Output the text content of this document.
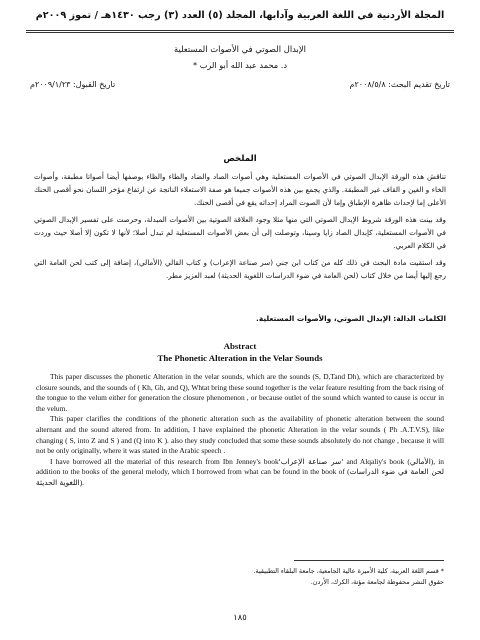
المجلة الأردنية في اللغة العربية وآدابها، المجلد (٥) العدد (٣) رجب ١٤٣٠هـ / تموز ٢٠٠٩م
الإبدال الصوتي في الأصوات المستعلية
د. محمد عبد الله أبو الرب *
تاريخ تقديم البحث: ٢٠٠٨/٥/٨م
تاريخ القبول: ٢٠٠٩/١/٢٣م
الملخص

تناقش هذه الورقة الإبدال الصوتي في الأصوات المستعلية وهي أصوات الصاد والضاد والطاء والظاء بوصفها أيضا أصواتا مطبقة، وأصوات الخاء و الغين و القاف غير المطبقة. والذي يجمع بين هذه الأصوات جميعا هو صفة الاستعلاء الناتجة عن ارتفاع مؤخر اللسان نحو أقصى الحنك الأعلى إما لإحداث ظاهرة الإطباق وإما لأن الصوت المراد إحداثه يقع في أقصى الحنك.

وقد بينت هذه الورقة شروط الإبدال الصوتي التي منها مثلا وجود العلاقة الصوتية بين الأصوات المبدلة، وحرصت على تفسير الإبدال الصوتي في الأصوات المستعلية، كإبدال الصاد زايا وسينا، وتوصلت إلى أن بعض الأصوات المستعلية لم تبدل أصلا؛ لأنها لا تكون إلا أصلا حيث وردت في الكلام العربي.

وقد استقيت مادة البحث في ذلك كله من كتاب ابن جني (سر صناعة الإعراب) و كتاب القالي (الأمالي)، إضافة إلى كتب لحن العامة التي رجع إليها أيضا من خلال كتاب (لحن العامة في ضوء الدراسات اللغوية الحديثة) لعبد العزيز مطر.

الكلمات الدالة: الإبدال الصوتي، والأصوات المستعلية.
Abstract
The Phonetic Alteration in the Velar Sounds

This paper discusses the phonetic Alteration in the velar sounds, which are the sounds (S, D,Tand Dh), which are characterized by closure sounds, and the sounds of ( Kh, Gh, and Q), Whtat bring these sound together is the velar feature resulting from the back rising of the tongue to the velum either for generation the closure phenomenon , or because outlet of the sound which wanted to cause is occur in the velum.

This paper clarifies the conditions of the phonetic alteration such as the availability of phonetic alteration between the sound alternant and the sound altered from. In addition, I have explained the phonetic Alteration in the velar sounds ( Ph .A.T.V.S), like changing ( S, into Z and S ) and (Q into K ). also they study concluded that some these sounds absolutely do not change , because it will not be only originally, where it was stated in the Arabic speech .

I have borrowed all the material of this research from Ibn Jenney's book'سر صناعة الإعراب' and Alqaliy's book (الأمالي), in addition to the books of the general melody, which I borrowed from what can be found in the book of (لحن العامة في ضوء الدراسات اللغوية الحديثة).

* قسم اللغة العربية، كلية الأميرة عالية الجامعية، جامعة البلقاء التطبيقية.

حقوق النشر محفوظة لجامعة مؤتة، الكرك، الأردن.

١٨٥
